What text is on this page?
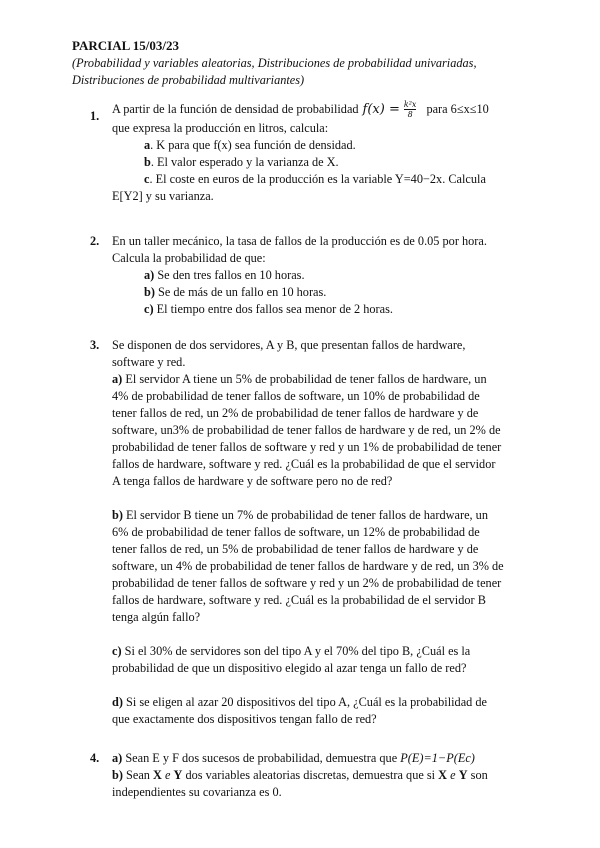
PARCIAL 15/03/23
(Probabilidad y variables aleatorias, Distribuciones de probabilidad univariadas, Distribuciones de probabilidad multivariantes)
1.
A partir de la función de densidad de probabilidad $f(x) = \frac{\text{k²x}}{8}$ para 6≤x≤10
que expresa la producción en litros, calcula:
a. K para que f(x) sea función de densidad.
b. El valor esperado y la varianza de X.
c. El coste en euros de la producción es la variable Y=40−2x. Calcula
E[Y2] y su varianza.
2. En un taller mecánico, la tasa de fallos de la producción es de 0.05 por hora.
Calcula la probabilidad de que:
a) Se den tres fallos en 10 horas.
b) Se de más de un fallo en 10 horas.
c) El tiempo entre dos fallos sea menor de 2 horas.
3. Se disponen de dos servidores, A y B, que presentan fallos de hardware,
software y red.
a) El servidor A tiene un 5% de probabilidad de tener fallos de hardware, un
4% de probabilidad de tener fallos de software, un 10% de probabilidad de
tener fallos de red, un 2% de probabilidad de tener fallos de hardware y de
software, un3% de probabilidad de tener fallos de hardware y de red, un 2% de
probabilidad de tener fallos de software y red y un 1% de probabilidad de tener
fallos de hardware, software y red. ¿Cuál es la probabilidad de que el servidor
A tenga fallos de hardware y de software pero no de red?
b) El servidor B tiene un 7% de probabilidad de tener fallos de hardware, un
6% de probabilidad de tener fallos de software, un 12% de probabilidad de
tener fallos de red, un 5% de probabilidad de tener fallos de hardware y de
software, un 4% de probabilidad de tener fallos de hardware y de red, un 3% de
probabilidad de tener fallos de software y red y un 2% de probabilidad de tener
fallos de hardware, software y red. ¿Cuál es la probabilidad de el servidor B
tenga algún fallo?
c) Si el 30% de servidores son del tipo A y el 70% del tipo B, ¿Cuál es la
probabilidad de que un dispositivo elegido al azar tenga un fallo de red?
d) Si se eligen al azar 20 dispositivos del tipo A, ¿Cuál es la probabilidad de
que exactamente dos dispositivos tengan fallo de red?
4. a) Sean E y F dos sucesos de probabilidad, demuestra que P(E)=1−P(Ec)
b) Sean X e Y dos variables aleatorias discretas, demuestra que si X e Y son
independientes su covarianza es 0.
